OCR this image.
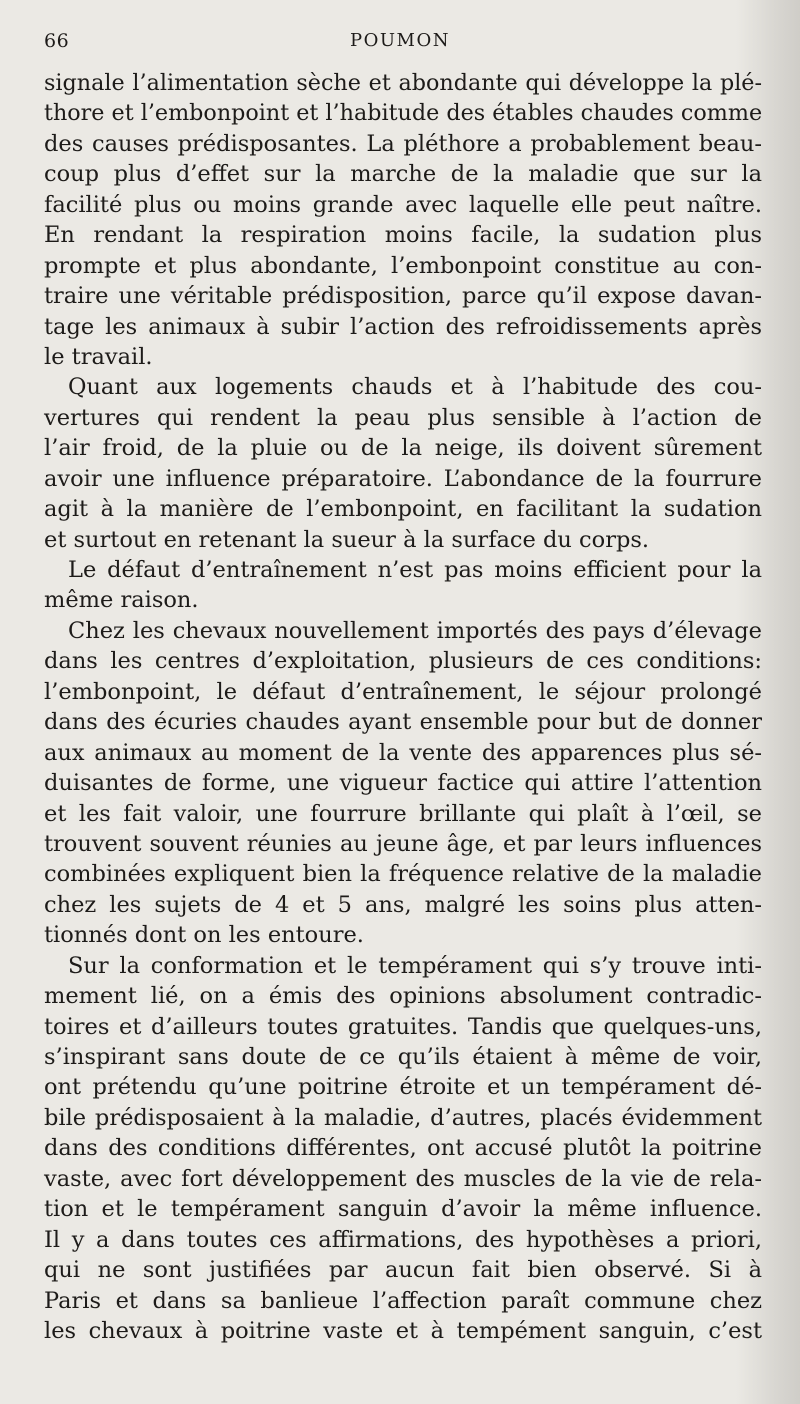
66	POUMON
signale l’alimentation sèche et abondante qui développe la plé-
thore et l’embonpoint et l’habitude des étables chaudes comme
des causes prédisposantes. La pléthore a probablement beau-
coup plus d’effet sur la marche de la maladie que sur la
facilité plus ou moins grande avec laquelle elle peut naître.
En rendant la respiration moins facile, la sudation plus
prompte et plus abondante, l’embonpoint constitue au con-
traire une véritable prédisposition, parce qu’il expose davan-
tage les animaux à subir l’action des refroidissements après
le travail.
Quant aux logements chauds et à l’habitude des cou-
vertures qui rendent la peau plus sensible à l’action de
l’air froid, de la pluie ou de la neige, ils doivent sûrement
avoir une influence préparatoire. L’abondance de la fourrure
agit à la manière de l’embonpoint, en facilitant la sudation
et surtout en retenant la sueur à la surface du corps.
Le défaut d’entraînement n’est pas moins efficient pour la
même raison.
Chez les chevaux nouvellement importés des pays d’élevage
dans les centres d’exploitation, plusieurs de ces conditions:
l’embonpoint, le défaut d’entraînement, le séjour prolongé
dans des écuries chaudes ayant ensemble pour but de donner
aux animaux au moment de la vente des apparences plus sé-
duisantes de forme, une vigueur factice qui attire l’attention
et les fait valoir, une fourrure brillante qui plaît à l’œil, se
trouvent souvent réunies au jeune âge, et par leurs influences
combinées expliquent bien la fréquence relative de la maladie
chez les sujets de 4 et 5 ans, malgré les soins plus atten-
tionnés dont on les entoure.
Sur la conformation et le tempérament qui s’y trouve inti-
mement lié, on a émis des opinions absolument contradic-
toires et d’ailleurs toutes gratuites. Tandis que quelques-uns,
s’inspirant sans doute de ce qu’ils étaient à même de voir,
ont prétendu qu’une poitrine étroite et un tempérament dé-
bile prédisposaient à la maladie, d’autres, placés évidemment
dans des conditions différentes, ont accusé plutôt la poitrine
vaste, avec fort développement des muscles de la vie de rela-
tion et le tempérament sanguin d’avoir la même influence.
Il y a dans toutes ces affirmations, des hypothèses a priori,
qui ne sont justifiées par aucun fait bien observé. Si à
Paris et dans sa banlieue l’affection paraît commune chez
les chevaux à poitrine vaste et à tempément sanguin, c’est
